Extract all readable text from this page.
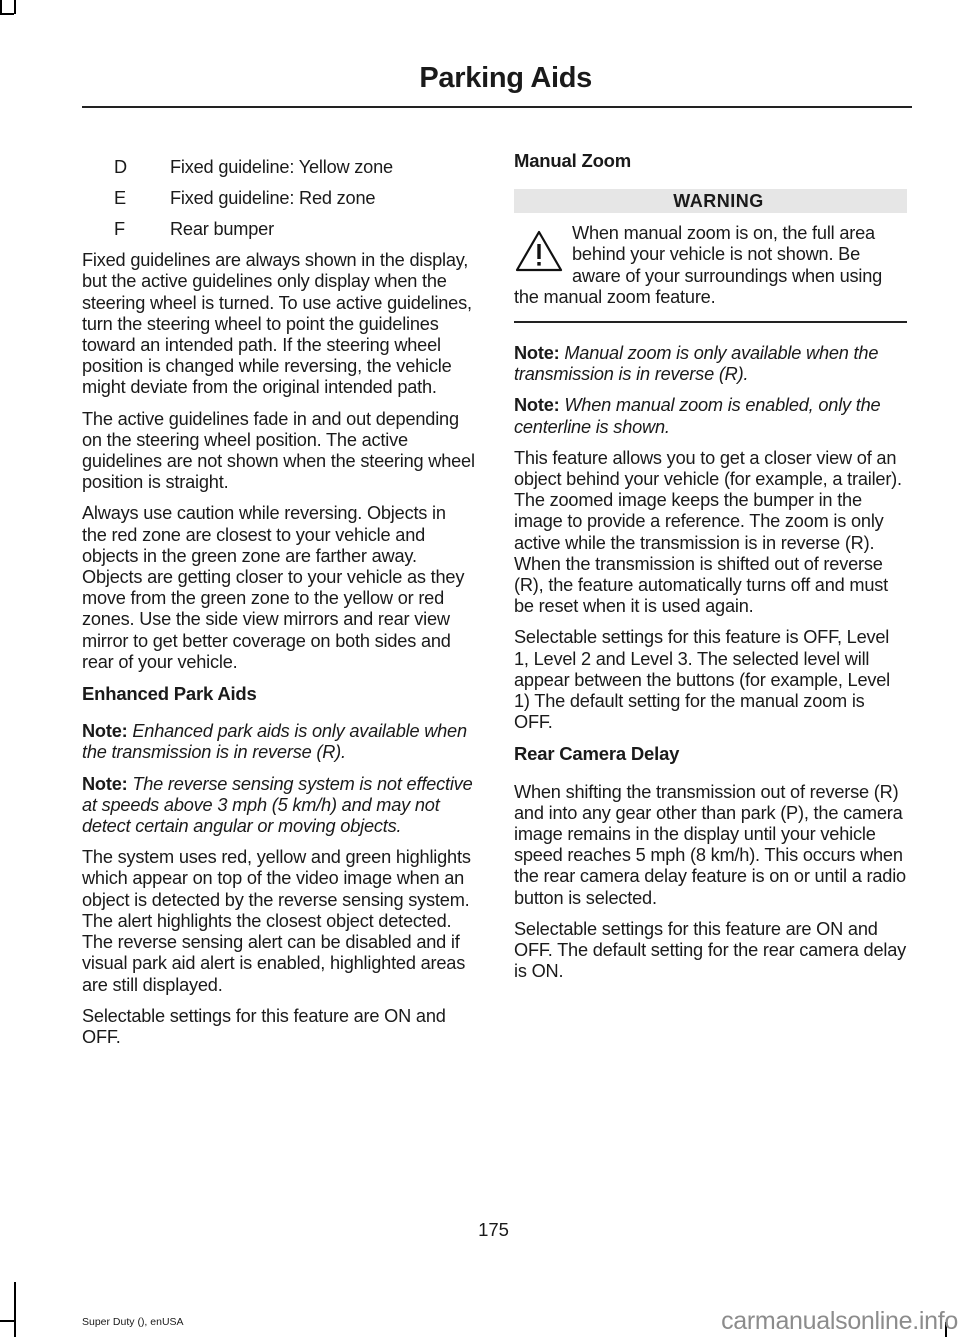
Parking Aids
D	Fixed guideline: Yellow zone
E	Fixed guideline: Red zone
F	Rear bumper

Fixed guidelines are always shown in the display, but the active guidelines only display when the steering wheel is turned. To use active guidelines, turn the steering wheel to point the guidelines toward an intended path. If the steering wheel position is changed while reversing, the vehicle might deviate from the original intended path.

The active guidelines fade in and out depending on the steering wheel position. The active guidelines are not shown when the steering wheel position is straight.

Always use caution while reversing. Objects in the red zone are closest to your vehicle and objects in the green zone are farther away. Objects are getting closer to your vehicle as they move from the green zone to the yellow or red zones. Use the side view mirrors and rear view mirror to get better coverage on both sides and rear of your vehicle.

Enhanced Park Aids

Note: Enhanced park aids is only available when the transmission is in reverse (R).

Note: The reverse sensing system is not effective at speeds above 3 mph (5 km/h) and may not detect certain angular or moving objects.

The system uses red, yellow and green highlights which appear on top of the video image when an object is detected by the reverse sensing system. The alert highlights the closest object detected. The reverse sensing alert can be disabled and if visual park aid alert is enabled, highlighted areas are still displayed.

Selectable settings for this feature are ON and OFF.

Manual Zoom
WARNING

When manual zoom is on, the full area behind your vehicle is not shown. Be aware of your surroundings when using the manual zoom feature.

Note: Manual zoom is only available when the transmission is in reverse (R).

Note: When manual zoom is enabled, only the centerline is shown.

This feature allows you to get a closer view of an object behind your vehicle (for example, a trailer). The zoomed image keeps the bumper in the image to provide a reference. The zoom is only active while the transmission is in reverse (R). When the transmission is shifted out of reverse (R), the feature automatically turns off and must be reset when it is used again.

Selectable settings for this feature is OFF, Level 1, Level 2 and Level 3. The selected level will appear between the buttons (for example, Level 1) The default setting for the manual zoom is OFF.

Rear Camera Delay

When shifting the transmission out of reverse (R) and into any gear other than park (P), the camera image remains in the display until your vehicle speed reaches 5 mph (8 km/h). This occurs when the rear camera delay feature is on or until a radio button is selected.

Selectable settings for this feature are ON and OFF. The default setting for the rear camera delay is ON.

175
Super Duty (), enUSA	carmanualsonline.info
